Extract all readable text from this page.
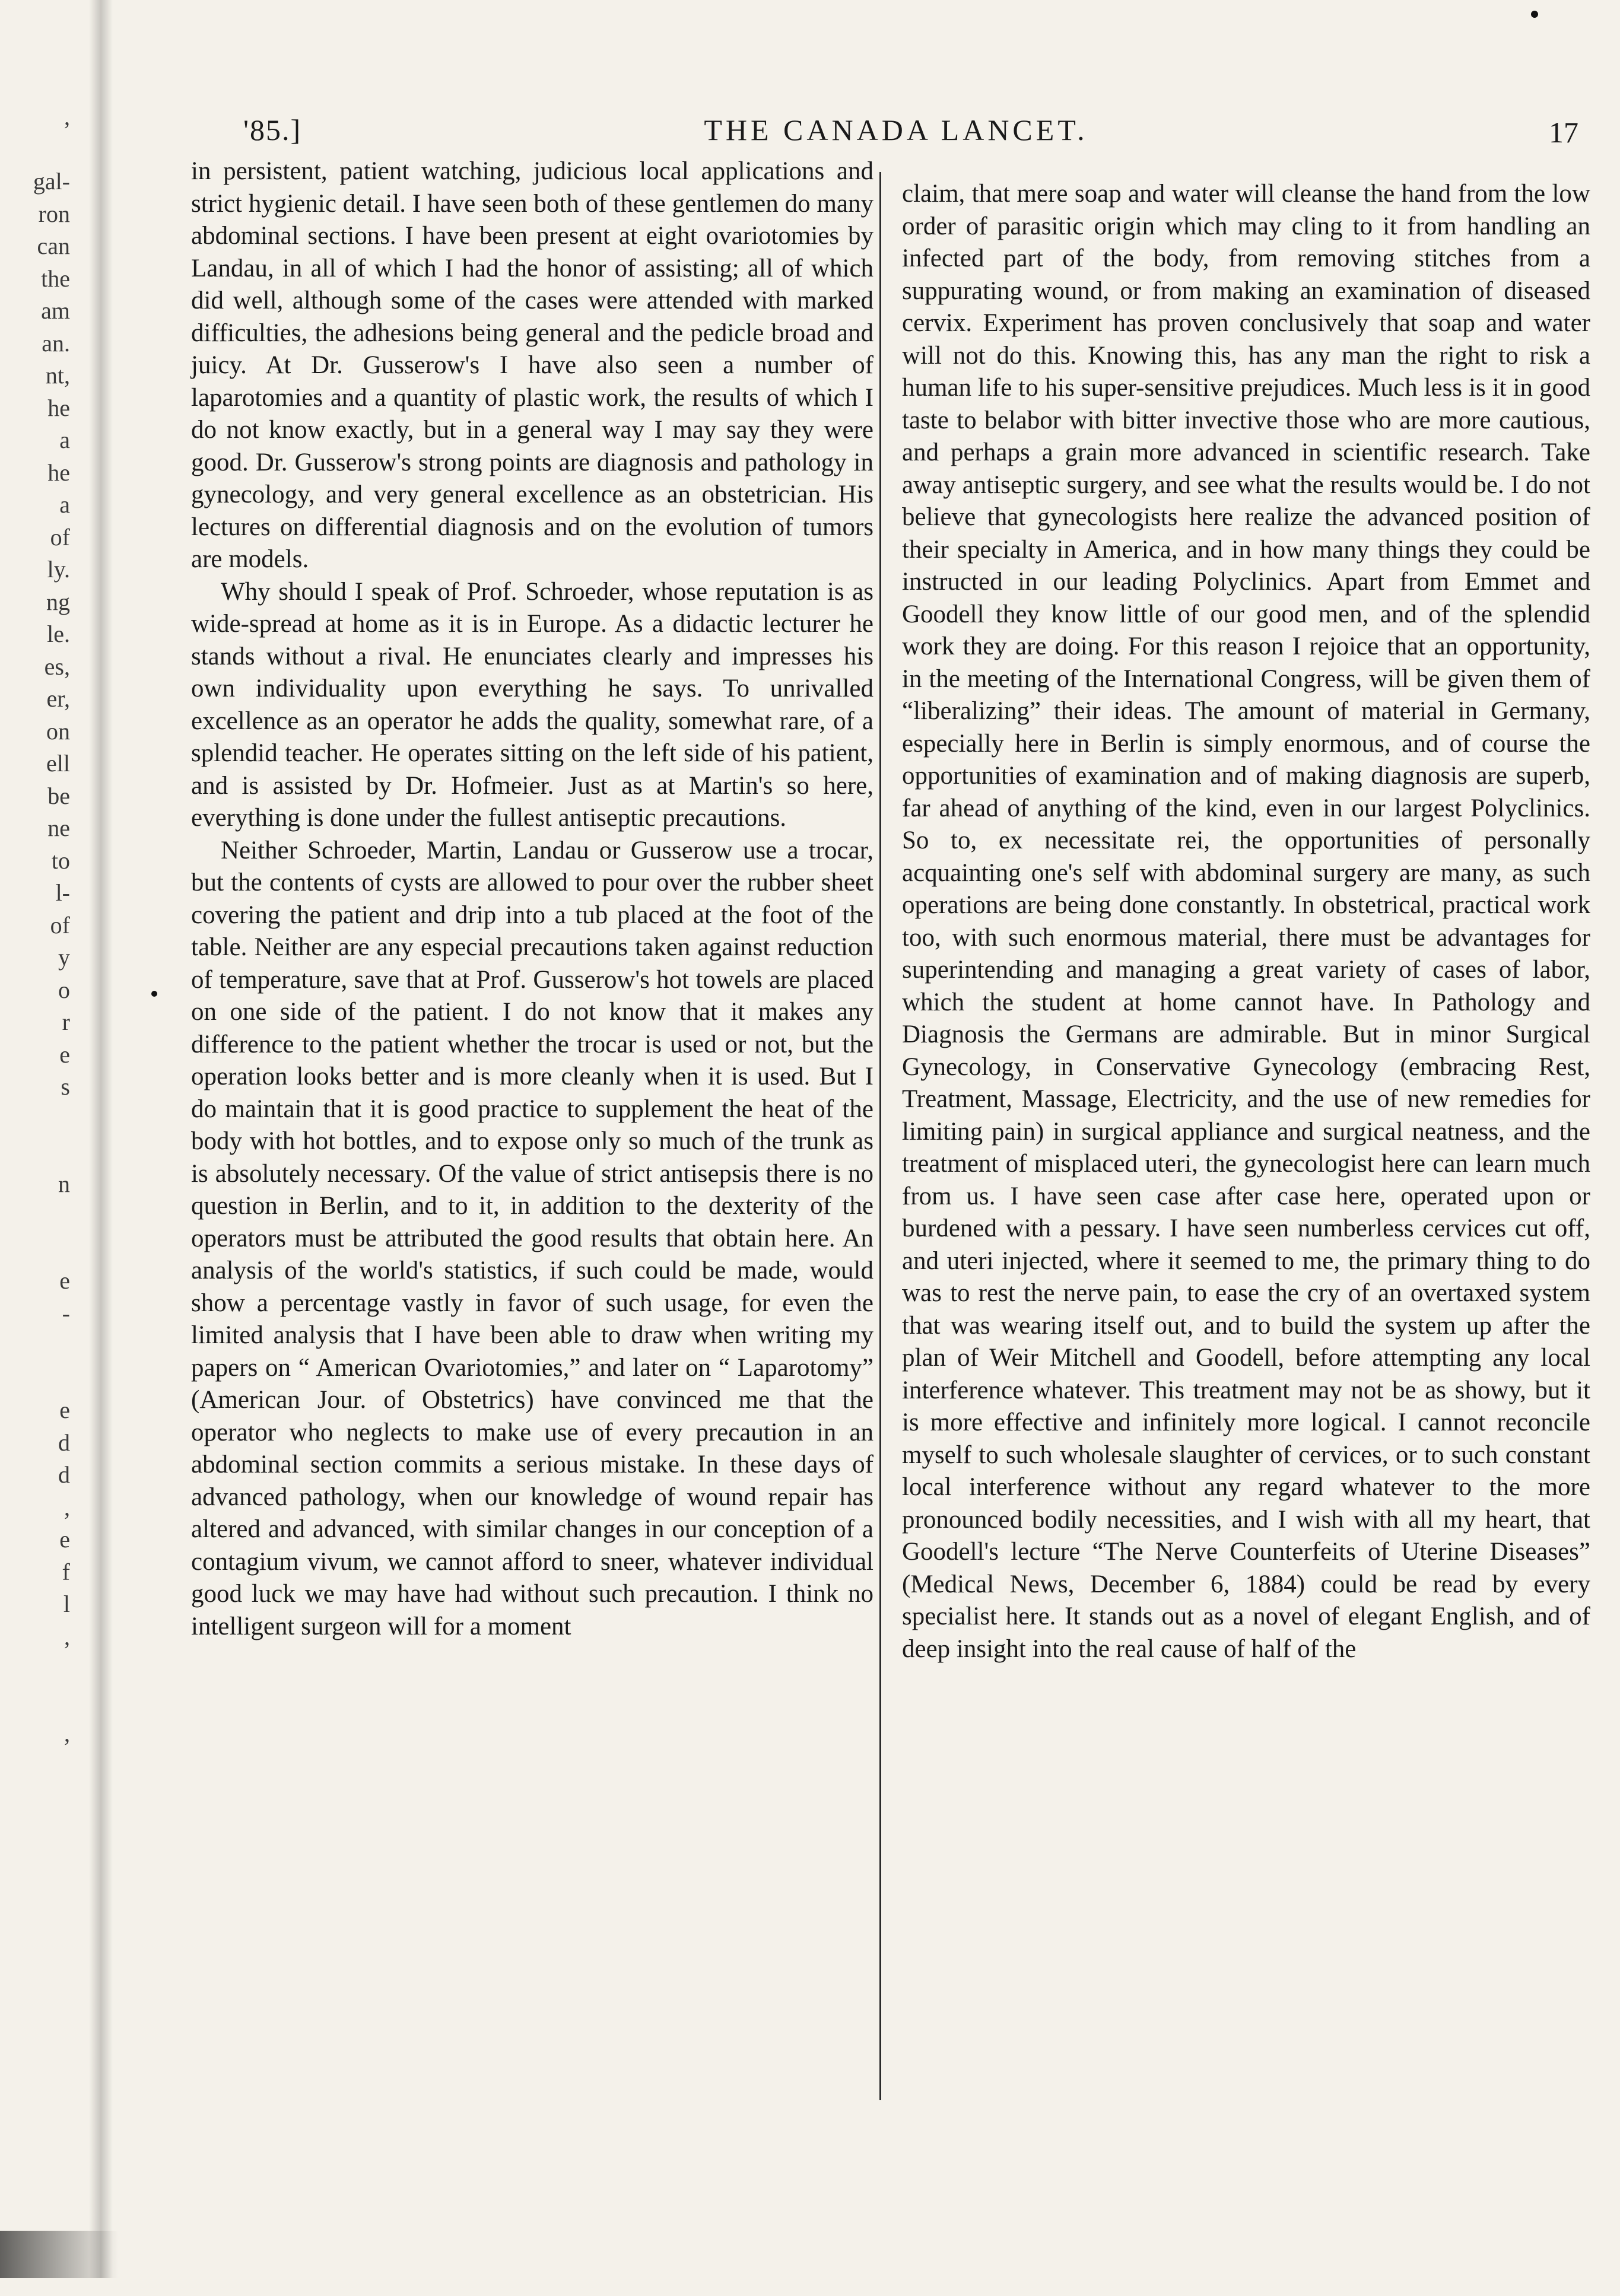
,
gal-
ron
can
the
am
an.
nt,
he
a
he
a
of
ly.
ng
le.
es,
er,
on
ell
be
ne
to
l-
of
y
o
r
e
s
n
e
-
e
d
d
,
e
f
l
,
,
'85.]	THE CANADA LANCET.	17

in persistent, patient watching, judicious local applications and strict hygienic detail. I have seen both of these gentlemen do many abdominal sections. I have been present at eight ovariotomies by Landau, in all of which I had the honor of assisting; all of which did well, although some of the cases were attended with marked difficulties, the adhesions being general and the pedicle broad and juicy. At Dr. Gusserow's I have also seen a number of laparotomies and a quantity of plastic work, the results of which I do not know exactly, but in a general way I may say they were good. Dr. Gusserow's strong points are diagnosis and pathology in gynecology, and very general excellence as an obstetrician. His lectures on differential diagnosis and on the evolution of tumors are models.

Why should I speak of Prof. Schroeder, whose reputation is as wide-spread at home as it is in Europe. As a didactic lecturer he stands without a rival. He enunciates clearly and impresses his own individuality upon everything he says. To unrivalled excellence as an operator he adds the quality, somewhat rare, of a splendid teacher. He operates sitting on the left side of his patient, and is assisted by Dr. Hofmeier. Just as at Martin's so here, everything is done under the fullest antiseptic precautions.

Neither Schroeder, Martin, Landau or Gusserow use a trocar, but the contents of cysts are allowed to pour over the rubber sheet covering the patient and drip into a tub placed at the foot of the table. Neither are any especial precautions taken against reduction of temperature, save that at Prof. Gusserow's hot towels are placed on one side of the patient. I do not know that it makes any difference to the patient whether the trocar is used or not, but the operation looks better and is more cleanly when it is used. But I do maintain that it is good practice to supplement the heat of the body with hot bottles, and to expose only so much of the trunk as is absolutely necessary. Of the value of strict antisepsis there is no question in Berlin, and to it, in addition to the dexterity of the operators must be attributed the good results that obtain here. An analysis of the world's statistics, if such could be made, would show a percentage vastly in favor of such usage, for even the limited analysis that I have been able to draw when writing my papers on “ American Ovariotomies,” and later on “ Laparotomy” (American Jour. of Obstetrics) have convinced me that the operator who neglects to make use of every precaution in an abdominal section commits a serious mistake. In these days of advanced pathology, when our knowledge of wound repair has altered and advanced, with similar changes in our conception of a contagium vivum, we cannot afford to sneer, whatever individual good luck we may have had without such precaution. I think no intelligent surgeon will for a moment

claim, that mere soap and water will cleanse the hand from the low order of parasitic origin which may cling to it from handling an infected part of the body, from removing stitches from a suppurating wound, or from making an examination of diseased cervix. Experiment has proven conclusively that soap and water will not do this. Knowing this, has any man the right to risk a human life to his super-sensitive prejudices. Much less is it in good taste to belabor with bitter invective those who are more cautious, and perhaps a grain more advanced in scientific research. Take away antiseptic surgery, and see what the results would be. I do not believe that gynecologists here realize the advanced position of their specialty in America, and in how many things they could be instructed in our leading Polyclinics. Apart from Emmet and Goodell they know little of our good men, and of the splendid work they are doing. For this reason I rejoice that an opportunity, in the meeting of the International Congress, will be given them of “liberalizing” their ideas. The amount of material in Germany, especially here in Berlin is simply enormous, and of course the opportunities of examination and of making diagnosis are superb, far ahead of anything of the kind, even in our largest Polyclinics. So to, ex necessitate rei, the opportunities of personally acquainting one's self with abdominal surgery are many, as such operations are being done constantly. In obstetrical, practical work too, with such enormous material, there must be advantages for superintending and managing a great variety of cases of labor, which the student at home cannot have. In Pathology and Diagnosis the Germans are admirable. But in minor Surgical Gynecology, in Conservative Gynecology (embracing Rest, Treatment, Massage, Electricity, and the use of new remedies for limiting pain) in surgical appliance and surgical neatness, and the treatment of misplaced uteri, the gynecologist here can learn much from us. I have seen case after case here, operated upon or burdened with a pessary. I have seen numberless cervices cut off, and uteri injected, where it seemed to me, the primary thing to do was to rest the nerve pain, to ease the cry of an overtaxed system that was wearing itself out, and to build the system up after the plan of Weir Mitchell and Goodell, before attempting any local interference whatever. This treatment may not be as showy, but it is more effective and infinitely more logical. I cannot reconcile myself to such wholesale slaughter of cervices, or to such constant local interference without any regard whatever to the more pronounced bodily necessities, and I wish with all my heart, that Goodell's lecture “The Nerve Counterfeits of Uterine Diseases” (Medical News, December 6, 1884) could be read by every specialist here. It stands out as a novel of elegant English, and of deep insight into the real cause of half of the
